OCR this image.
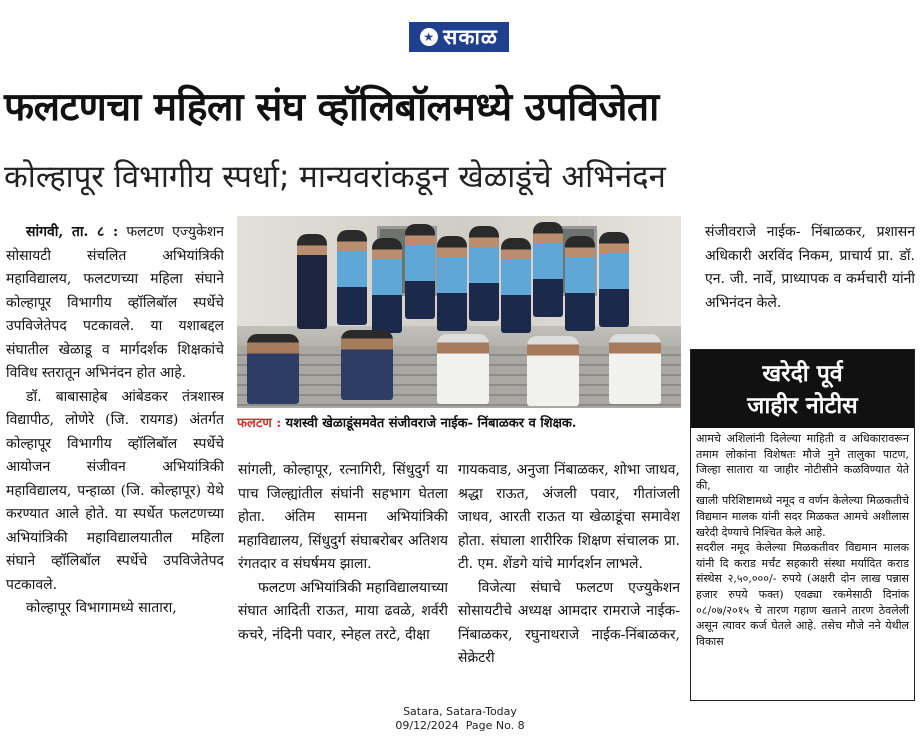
★ सकाळ
फलटणचा महिला संघ व्हॉलिबॉलमध्ये उपविजेता
कोल्हापूर विभागीय स्पर्धा; मान्यवरांकडून खेळाडूंचे अभिनंदन

सांगवी, ता. ८ : फलटण एज्युकेशन सोसायटी संचलित अभियांत्रिकी महाविद्यालय, फलटणच्या महिला संघाने कोल्हापूर विभागीय व्हॉलिबॉल स्पर्धेचे उपविजेतेपद पटकावले. या यशाबद्दल संघातील खेळाडू व मार्गदर्शक शिक्षकांचे विविध स्तरातून अभिनंदन होत आहे.

डॉ. बाबासाहेब आंबेडकर तंत्रशास्त्र विद्यापीठ, लोणेरे (जि. रायगड) अंतर्गत कोल्हापूर विभागीय व्हॉलिबॉल स्पर्धेचे आयोजन संजीवन अभियांत्रिकी महाविद्यालय, पन्हाळा (जि. कोल्हापूर) येथे करण्यात आले होते. या स्पर्धेत फलटणच्या अभियांत्रिकी महाविद्यालयातील महिला संघाने व्हॉलिबॉल स्पर्धेचे उपविजेतेपद पटकावले.

कोल्हापूर विभागामध्ये सातारा,

फलटण : यशस्वी खेळाडूंसमवेत संजीवराजे नाईक- निंबाळकर व शिक्षक.

सांगली, कोल्हापूर, रत्नागिरी, सिंधुदुर्ग या पाच जिल्ह्यांतील संघांनी सहभाग घेतला होता. अंतिम सामना अभियांत्रिकी महाविद्यालय, सिंधुदुर्ग संघाबरोबर अतिशय रंगतदार व संघर्षमय झाला.

फलटण अभियांत्रिकी महाविद्यालयाच्या संघात आदिती राऊत, माया ढवळे, शर्वरी कचरे, नंदिनी पवार, स्नेहल तरटे, दीक्षा

गायकवाड, अनुजा निंबाळकर, शोभा जाधव, श्रद्धा राऊत, अंजली पवार, गीतांजली जाधव, आरती राऊत या खेळाडूंचा समावेश होता. संघाला शारीरिक शिक्षण संचालक प्रा. टी. एम. शेंडगे यांचे मार्गदर्शन लाभले.

विजेत्या संघाचे फलटण एज्युकेशन सोसायटीचे अध्यक्ष आमदार रामराजे नाईक- निंबाळकर, रघुनाथराजे नाईक-निंबाळकर, सेक्रेटरी

संजीवराजे नाईक- निंबाळकर, प्रशासन अधिकारी अरविंद निकम, प्राचार्य प्रा. डॉ. एन. जी. नार्वे, प्राध्यापक व कर्मचारी यांनी अभिनंदन केले.

खरेदी पूर्व
जाहीर नोटीस

आमचे अशिलांनी दिलेल्या माहिती व अधिकारावरून तमाम लोकांना विशेषतः मौजे नुने तालुका पाटण, जिल्हा सातारा या जाहीर नोटीसीने कळविण्यात येते की,

खाली परिशिष्टामध्ये नमूद व वर्णन केलेल्या मिळकतीचे विद्यमान मालक यांनी सदर मिळकत आमचे अशीलास खरेदी देण्याचे निश्चित केले आहे.

सदरील नमूद केलेल्या मिळकतीवर विद्यमान मालक यांनी दि कराड मर्चंट सहकारी संस्था मर्यादित कराड संस्थेस २,५०,०००/- रुपये (अक्षरी दोन लाख पन्नास हजार रुपये फक्त) एवढ्या रकमेसाठी दिनांक ०८/०७/२०१५ चे तारण गहाण खताने तारण ठेवलेली असून त्यावर कर्ज घेतले आहे. तसेच मौजे नने येथील विकास

Satara, Satara-Today
09/12/2024  Page No. 8
